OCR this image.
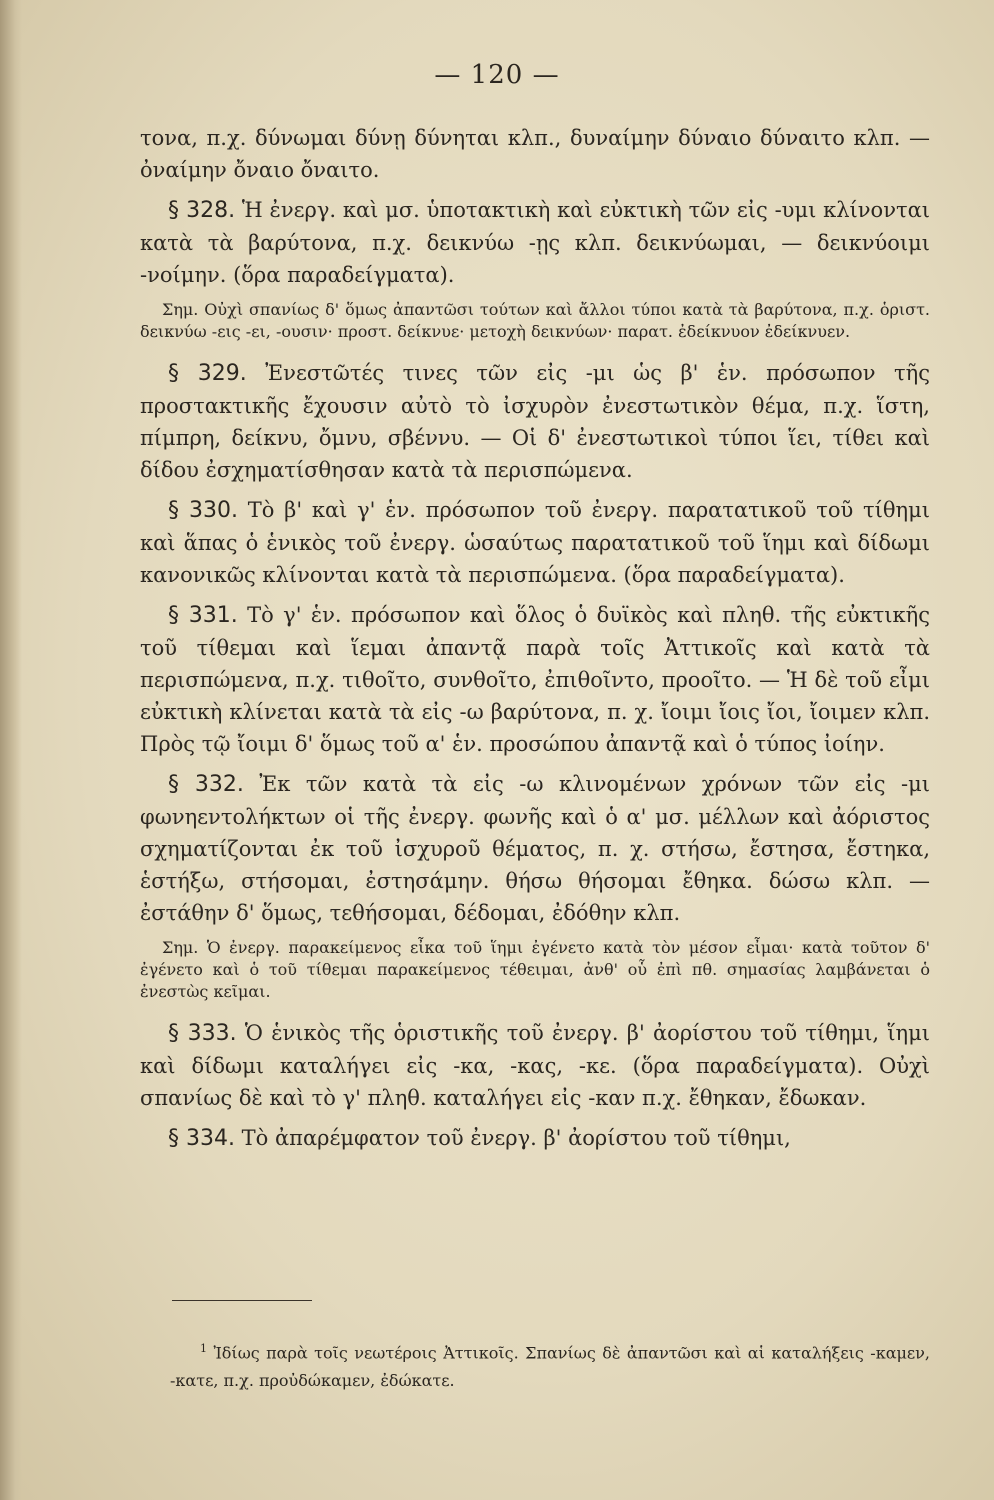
— 120 —

τονα, π.χ. δύνωμαι δύνῃ δύνηται κλπ., δυναίμην δύναιο δύναιτο κλπ. — ὀναίμην ὄναιο ὄναιτο.

§ 328. Ἡ ἐνεργ. καὶ μσ. ὑποτακτικὴ καὶ εὐκτικὴ τῶν εἰς -υμι κλίνονται κατὰ τὰ βαρύτονα, π.χ. δεικνύω -ῃς κλπ. δεικνύωμαι, — δεικνύοιμι -νοίμην. (ὅρα παραδείγματα).

Σημ. Οὐχὶ σπανίως δ' ὅμως ἀπαντῶσι τούτων καὶ ἄλλοι τύποι κατὰ τὰ βαρύτονα, π.χ. ὁριστ. δεικνύω -εις -ει, -ουσιν· προστ. δείκνυε· μετοχὴ δεικνύων· παρατ. ἐδείκνυον ἐδείκνυεν.

§ 329. Ἐνεστῶτές τινες τῶν εἰς -μι ὡς β' ἑν. πρόσωπον τῆς προστακτικῆς ἔχουσιν αὐτὸ τὸ ἰσχυρὸν ἐνεστωτικὸν θέμα, π.χ. ἵστη, πίμπρη, δείκνυ, ὄμνυ, σβέννυ. — Οἱ δ' ἐνεστωτικοὶ τύποι ἵει, τίθει καὶ δίδου ἐσχηματίσθησαν κατὰ τὰ περισπώμενα.

§ 330. Τὸ β' καὶ γ' ἑν. πρόσωπον τοῦ ἐνεργ. παρατατικοῦ τοῦ τίθημι καὶ ἅπας ὁ ἑνικὸς τοῦ ἐνεργ. ὡσαύτως παρατατικοῦ τοῦ ἵημι καὶ δίδωμι κανονικῶς κλίνονται κατὰ τὰ περισπώμενα. (ὅρα παραδείγματα).

§ 331. Τὸ γ' ἑν. πρόσωπον καὶ ὅλος ὁ δυϊκὸς καὶ πληθ. τῆς εὐκτικῆς τοῦ τίθεμαι καὶ ἵεμαι ἀπαντᾷ παρὰ τοῖς Ἀττικοῖς καὶ κατὰ τὰ περισπώμενα, π.χ. τιθοῖτο, συνθοῖτο, ἐπιθοῖντο, προοῖτο. — Ἡ δὲ τοῦ εἶμι εὐκτικὴ κλίνεται κατὰ τὰ εἰς -ω βαρύτονα, π. χ. ἴοιμι ἴοις ἴοι, ἴοιμεν κλπ. Πρὸς τῷ ἴοιμι δ' ὅμως τοῦ α' ἑν. προσώπου ἀπαντᾷ καὶ ὁ τύπος ἰοίην.

§ 332. Ἐκ τῶν κατὰ τὰ εἰς -ω κλινομένων χρόνων τῶν εἰς -μι φωνηεντολήκτων οἱ τῆς ἐνεργ. φωνῆς καὶ ὁ α' μσ. μέλλων καὶ ἀόριστος σχηματίζονται ἐκ τοῦ ἰσχυροῦ θέματος, π. χ. στήσω, ἔστησα, ἔστηκα, ἑστήξω, στήσομαι, ἐστησάμην. θήσω θήσομαι ἔθηκα. δώσω κλπ. — ἐστάθην δ' ὅμως, τεθήσομαι, δέδομαι, ἐδόθην κλπ.

Σημ. Ὁ ἐνεργ. παρακείμενος εἶκα τοῦ ἵημι ἐγένετο κατὰ τὸν μέσον εἶμαι· κατὰ τοῦτον δ' ἐγένετο καὶ ὁ τοῦ τίθεμαι παρακείμενος τέθειμαι, ἀνθ' οὗ ἐπὶ πθ. σημασίας λαμβάνεται ὁ ἐνεστὼς κεῖμαι.

§ 333. Ὁ ἑνικὸς τῆς ὁριστικῆς τοῦ ἐνεργ. β' ἀορίστου τοῦ τίθημι, ἵημι καὶ δίδωμι καταλήγει εἰς -κα, -κας, -κε. (ὅρα παραδείγματα). Οὐχὶ σπανίως δὲ καὶ τὸ γ' πληθ. καταλήγει εἰς -καν π.χ. ἔθηκαν, ἔδωκαν.

§ 334. Τὸ ἀπαρέμφατον τοῦ ἐνεργ. β' ἀορίστου τοῦ τίθημι,

$^1$ Ἰδίως παρὰ τοῖς νεωτέροις Ἀττικοῖς. Σπανίως δὲ ἀπαντῶσι καὶ αἱ καταλήξεις -καμεν, -κατε, π.χ. προὐδώκαμεν, ἐδώκατε.
